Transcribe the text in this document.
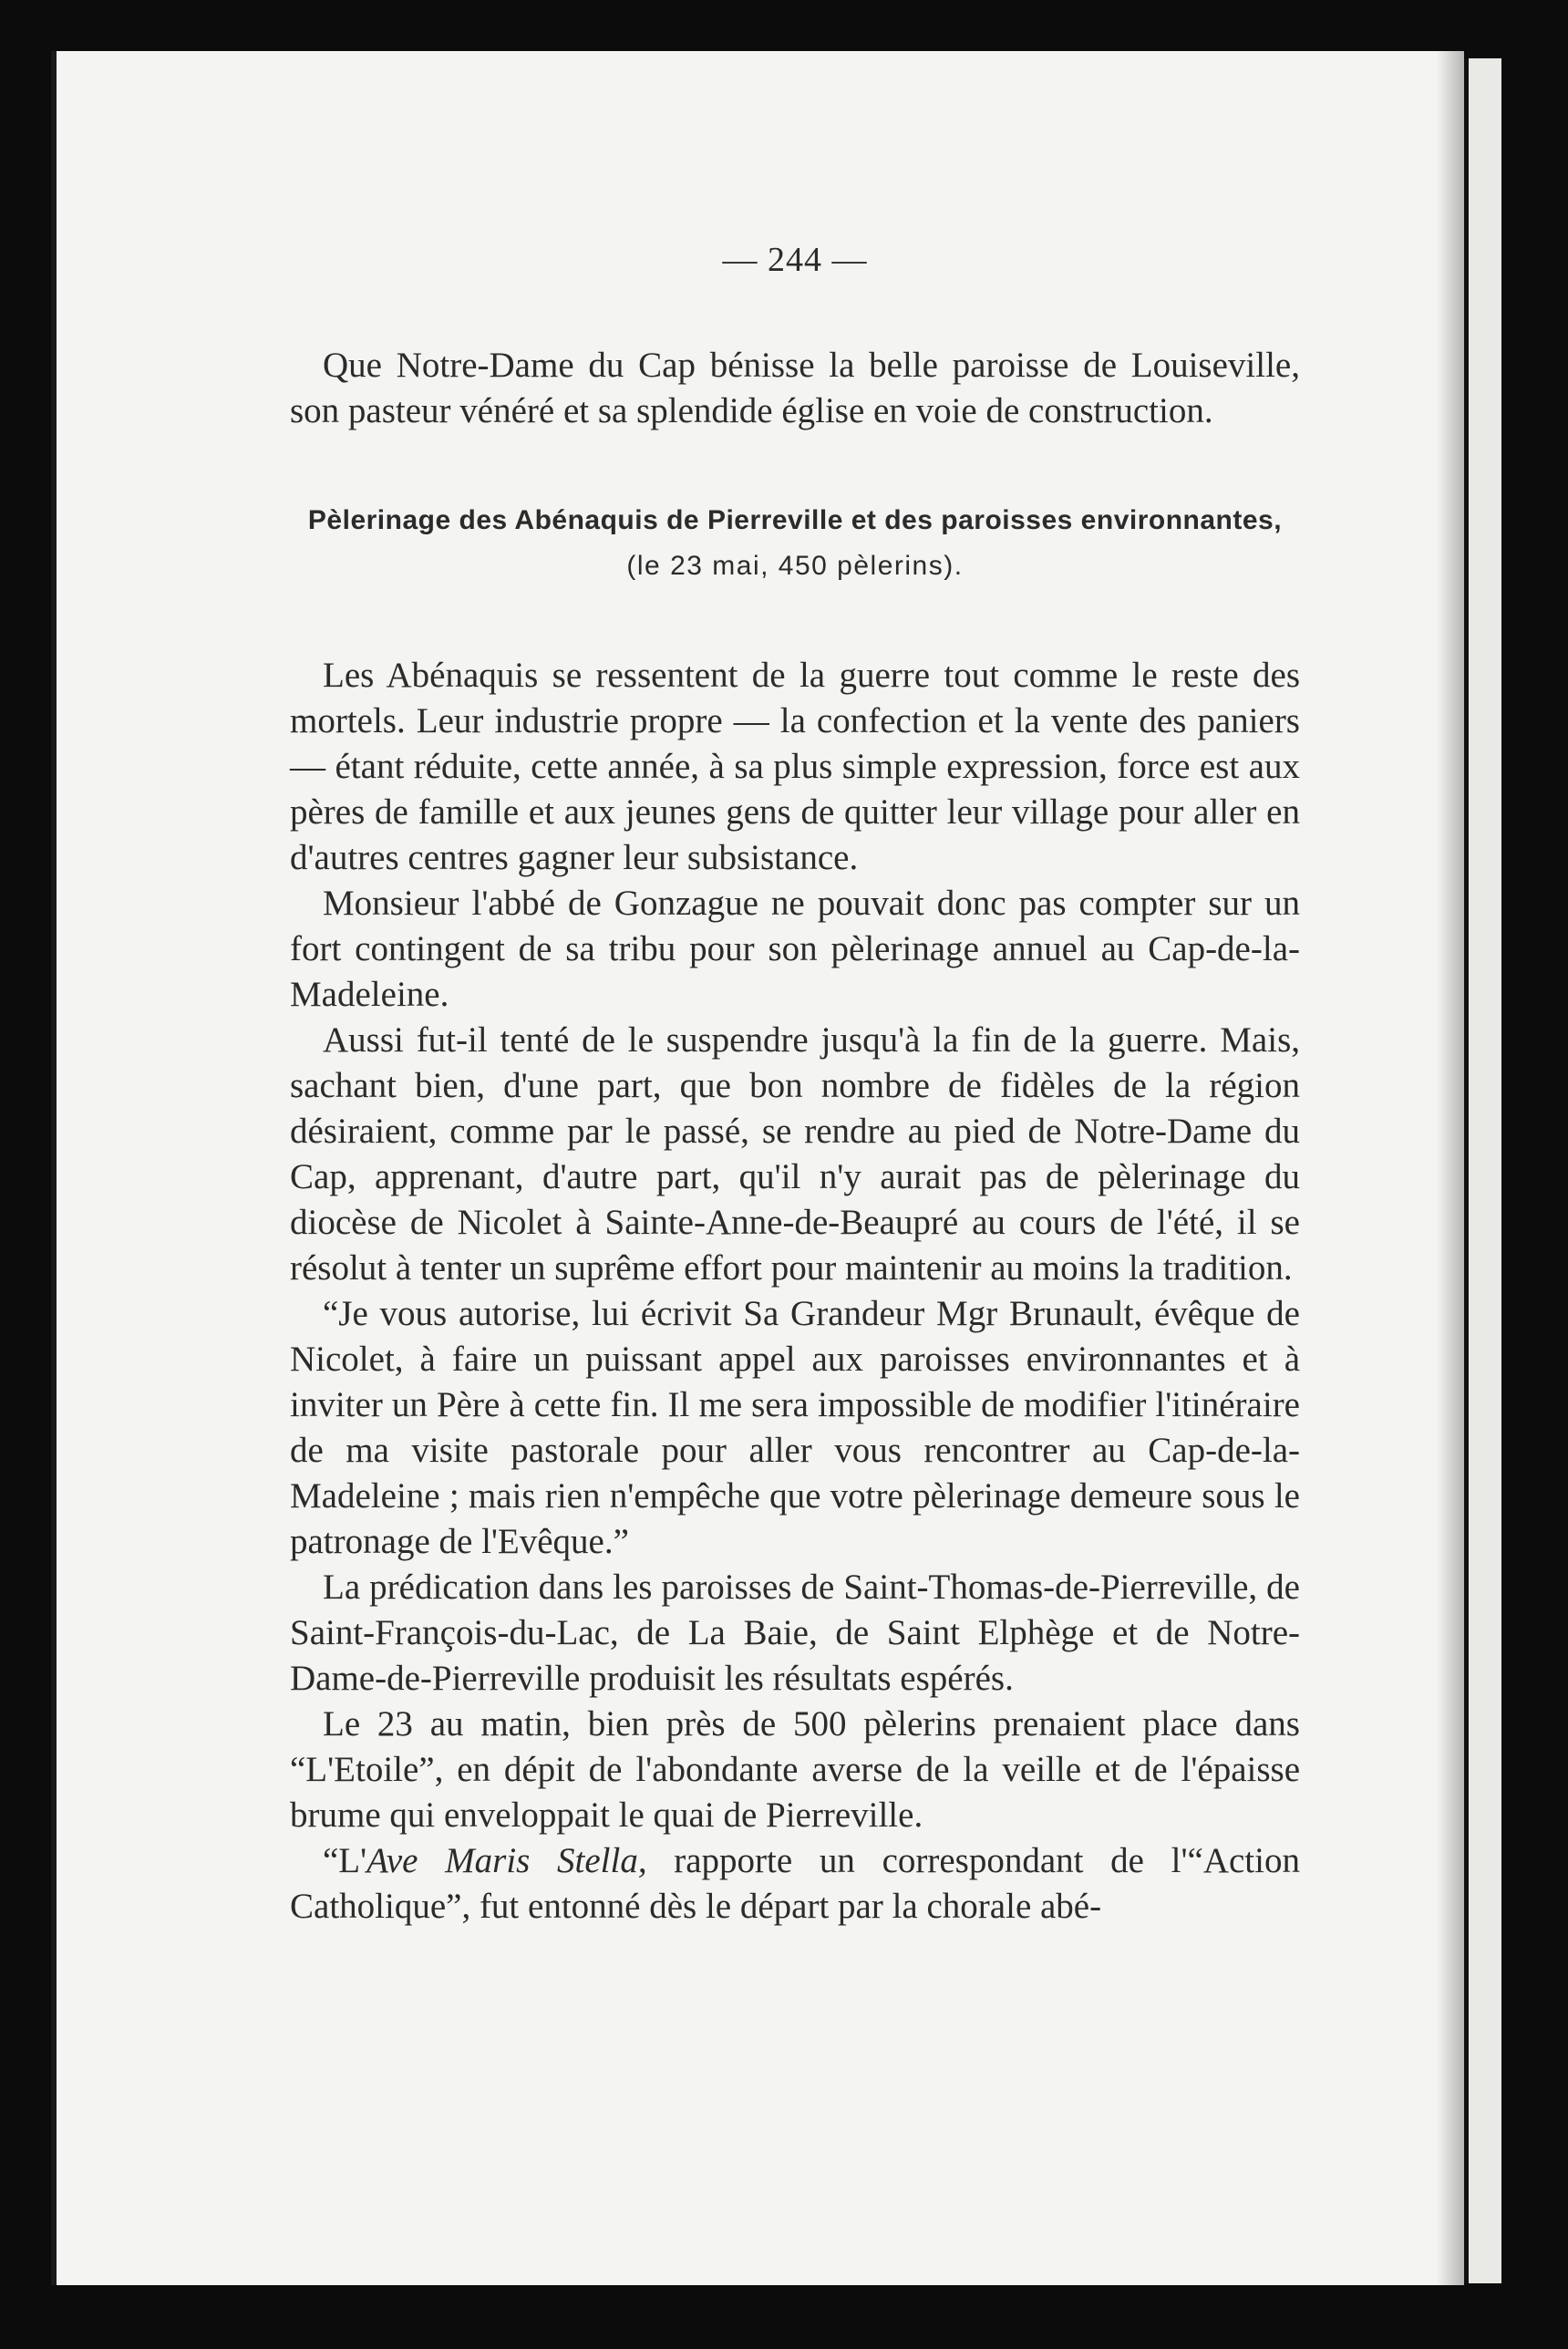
— 244 —

Que Notre-Dame du Cap bénisse la belle paroisse de Louiseville, son pasteur vénéré et sa splendide église en voie de construction.

Pèlerinage des Abénaquis de Pierreville et des paroisses environnantes, (le 23 mai, 450 pèlerins).

Les Abénaquis se ressentent de la guerre tout comme le reste des mortels. Leur industrie propre — la confection et la vente des paniers — étant réduite, cette année, à sa plus simple expression, force est aux pères de famille et aux jeunes gens de quitter leur village pour aller en d'autres centres gagner leur subsistance.

Monsieur l'abbé de Gonzague ne pouvait donc pas compter sur un fort contingent de sa tribu pour son pèlerinage annuel au Cap-de-la-Madeleine.

Aussi fut-il tenté de le suspendre jusqu'à la fin de la guerre. Mais, sachant bien, d'une part, que bon nombre de fidèles de la région désiraient, comme par le passé, se rendre au pied de Notre-Dame du Cap, apprenant, d'autre part, qu'il n'y aurait pas de pèlerinage du diocèse de Nicolet à Sainte-Anne-de-Beaupré au cours de l'été, il se résolut à tenter un suprême effort pour maintenir au moins la tradition.

“Je vous autorise, lui écrivit Sa Grandeur Mgr Brunault, évêque de Nicolet, à faire un puissant appel aux paroisses environnantes et à inviter un Père à cette fin. Il me sera impossible de modifier l'itinéraire de ma visite pastorale pour aller vous rencontrer au Cap-de-la-Madeleine ; mais rien n'empêche que votre pèlerinage demeure sous le patronage de l'Evêque.”

La prédication dans les paroisses de Saint-Thomas-de-Pierreville, de Saint-François-du-Lac, de La Baie, de Saint Elphège et de Notre-Dame-de-Pierreville produisit les résultats espérés.

Le 23 au matin, bien près de 500 pèlerins prenaient place dans “L'Etoile”, en dépit de l'abondante averse de la veille et de l'épaisse brume qui enveloppait le quai de Pierreville.

“L'Ave Maris Stella, rapporte un correspondant de l'“Action Catholique”, fut entonné dès le départ par la chorale abé-
